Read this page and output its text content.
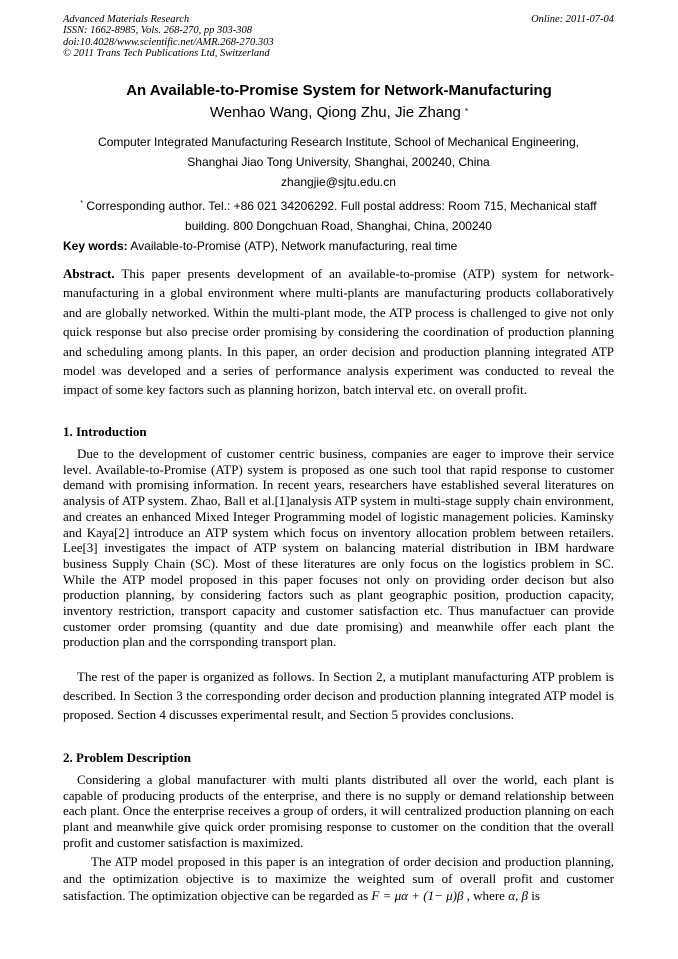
Advanced Materials Research
ISSN: 1662-8985, Vols. 268-270, pp 303-308
doi:10.4028/www.scientific.net/AMR.268-270.303
© 2011 Trans Tech Publications Ltd, Switzerland
Online: 2011-07-04
An Available-to-Promise System for Network-Manufacturing
Wenhao Wang, Qiong Zhu, Jie Zhang *
Computer Integrated Manufacturing Research Institute, School of Mechanical Engineering,
Shanghai Jiao Tong University, Shanghai, 200240, China
zhangjie@sjtu.edu.cn
* Corresponding author. Tel.: +86 021 34206292. Full postal address: Room 715, Mechanical staff
building. 800 Dongchuan Road, Shanghai, China, 200240
Key words: Available-to-Promise (ATP), Network manufacturing, real time
Abstract. This paper presents development of an available-to-promise (ATP) system for network-manufacturing in a global environment where multi-plants are manufacturing products collaboratively and are globally networked. Within the multi-plant mode, the ATP process is challenged to give not only quick response but also precise order promising by considering the coordination of production planning and scheduling among plants. In this paper, an order decision and production planning integrated ATP model was developed and a series of performance analysis experiment was conducted to reveal the impact of some key factors such as planning horizon, batch interval etc. on overall profit.
1. Introduction
Due to the development of customer centric business, companies are eager to improve their service level. Available-to-Promise (ATP) system is proposed as one such tool that rapid response to customer demand with promising information. In recent years, researchers have established several literatures on analysis of ATP system. Zhao, Ball et al.[1]analysis ATP system in multi-stage supply chain environment, and creates an enhanced Mixed Integer Programming model of logistic management policies. Kaminsky and Kaya[2] introduce an ATP system which focus on inventory allocation problem between retailers. Lee[3] investigates the impact of ATP system on balancing material distribution in IBM hardware business Supply Chain (SC). Most of these literatures are only focus on the logistics problem in SC. While the ATP model proposed in this paper focuses not only on providing order decison but also production planning, by considering factors such as plant geographic position, production capacity, inventory restriction, transport capacity and customer satisfaction etc. Thus manufactuer can provide customer order promsing (quantity and due date promising) and meanwhile offer each plant the production plan and the corrsponding transport plan.
The rest of the paper is organized as follows. In Section 2, a mutiplant manufacturing ATP problem is described. In Section 3 the corresponding order decison and production planning integrated ATP model is proposed. Section 4 discusses experimental result, and Section 5 provides conclusions.
2. Problem Description
Considering a global manufacturer with multi plants distributed all over the world, each plant is capable of producing products of the enterprise, and there is no supply or demand relationship between each plant. Once the enterprise receives a group of orders, it will centralized production planning on each plant and meanwhile give quick order promising response to customer on the condition that the overall profit and customer satisfaction is maximized.
The ATP model proposed in this paper is an integration of order decision and production planning, and the optimization objective is to maximize the weighted sum of overall profit and customer satisfaction. The optimization objective can be regarded as F = μα + (1− μ)β , where α, β is
